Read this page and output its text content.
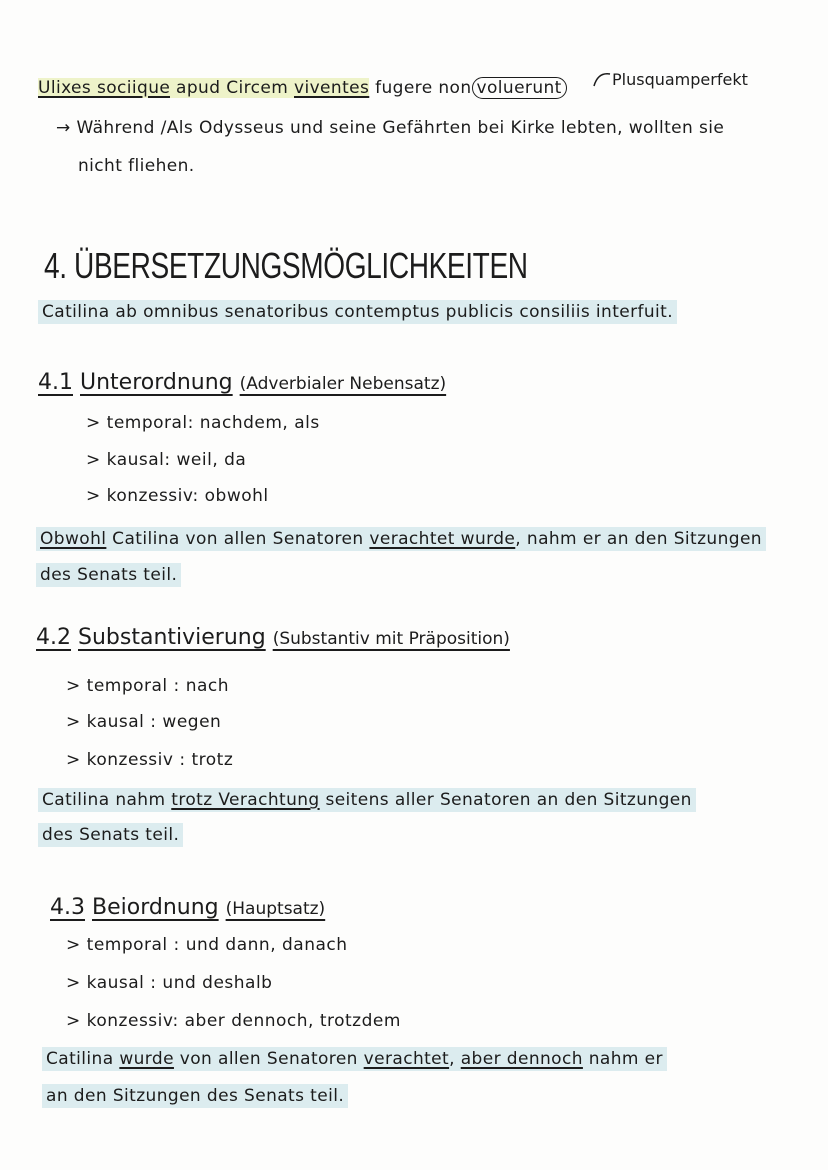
Ulixes sociique apud Circem viventes fugere non voluerunt	Plusquamperfekt
→ Während /Als Odysseus und seine Gefährten bei Kirke lebten, wollten sie
nicht fliehen.
4. ÜBERSETZUNGSMÖGLICHKEITEN
Catilina ab omnibus senatoribus contemptus publicis consiliis interfuit.
4.1 Unterordnung (Adverbialer Nebensatz)
> temporal: nachdem, als
> kausal: weil, da
> konzessiv: obwohl
Obwohl Catilina von allen Senatoren verachtet wurde, nahm er an den Sitzungen
des Senats teil.
4.2 Substantivierung (Substantiv mit Präposition)
> temporal : nach
> kausal : wegen
> konzessiv : trotz
Catilina nahm trotz Verachtung seitens aller Senatoren an den Sitzungen
des Senats teil.
4.3 Beiordnung (Hauptsatz)
> temporal : und dann, danach
> kausal : und deshalb
> konzessiv: aber dennoch, trotzdem
Catilina wurde von allen Senatoren verachtet, aber dennoch nahm er
an den Sitzungen des Senats teil.
